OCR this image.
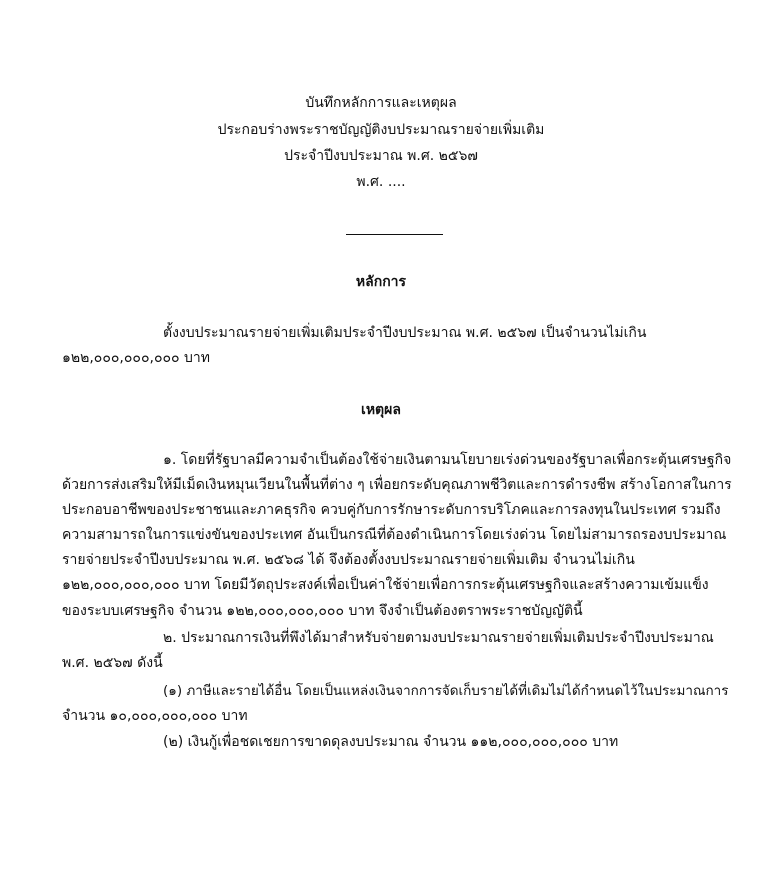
บันทึกหลักการและเหตุผล
ประกอบร่างพระราชบัญญัติงบประมาณรายจ่ายเพิ่มเติม
ประจำปีงบประมาณ พ.ศ. ๒๕๖๗
พ.ศ. ....
หลักการ
ตั้งงบประมาณรายจ่ายเพิ่มเติมประจำปีงบประมาณ พ.ศ. ๒๕๖๗ เป็นจำนวนไม่เกิน
๑๒๒,๐๐๐,๐๐๐,๐๐๐ บาท
เหตุผล
๑. โดยที่รัฐบาลมีความจำเป็นต้องใช้จ่ายเงินตามนโยบายเร่งด่วนของรัฐบาลเพื่อกระตุ้นเศรษฐกิจ
ด้วยการส่งเสริมให้มีเม็ดเงินหมุนเวียนในพื้นที่ต่าง ๆ เพื่อยกระดับคุณภาพชีวิตและการดำรงชีพ สร้างโอกาสในการ
ประกอบอาชีพของประชาชนและภาคธุรกิจ ควบคู่กับการรักษาระดับการบริโภคและการลงทุนในประเทศ รวมถึง
ความสามารถในการแข่งขันของประเทศ อันเป็นกรณีที่ต้องดำเนินการโดยเร่งด่วน โดยไม่สามารถรองบประมาณ
รายจ่ายประจำปีงบประมาณ พ.ศ. ๒๕๖๘ ได้ จึงต้องตั้งงบประมาณรายจ่ายเพิ่มเติม จำนวนไม่เกิน
๑๒๒,๐๐๐,๐๐๐,๐๐๐ บาท โดยมีวัตถุประสงค์เพื่อเป็นค่าใช้จ่ายเพื่อการกระตุ้นเศรษฐกิจและสร้างความเข้มแข็ง
ของระบบเศรษฐกิจ จำนวน ๑๒๒,๐๐๐,๐๐๐,๐๐๐ บาท จึงจำเป็นต้องตราพระราชบัญญัตินี้
๒. ประมาณการเงินที่พึงได้มาสำหรับจ่ายตามงบประมาณรายจ่ายเพิ่มเติมประจำปีงบประมาณ
พ.ศ. ๒๕๖๗ ดังนี้
(๑) ภาษีและรายได้อื่น โดยเป็นแหล่งเงินจากการจัดเก็บรายได้ที่เดิมไม่ได้กำหนดไว้ในประมาณการ
จำนวน ๑๐,๐๐๐,๐๐๐,๐๐๐ บาท
(๒) เงินกู้เพื่อชดเชยการขาดดุลงบประมาณ จำนวน ๑๑๒,๐๐๐,๐๐๐,๐๐๐ บาท
